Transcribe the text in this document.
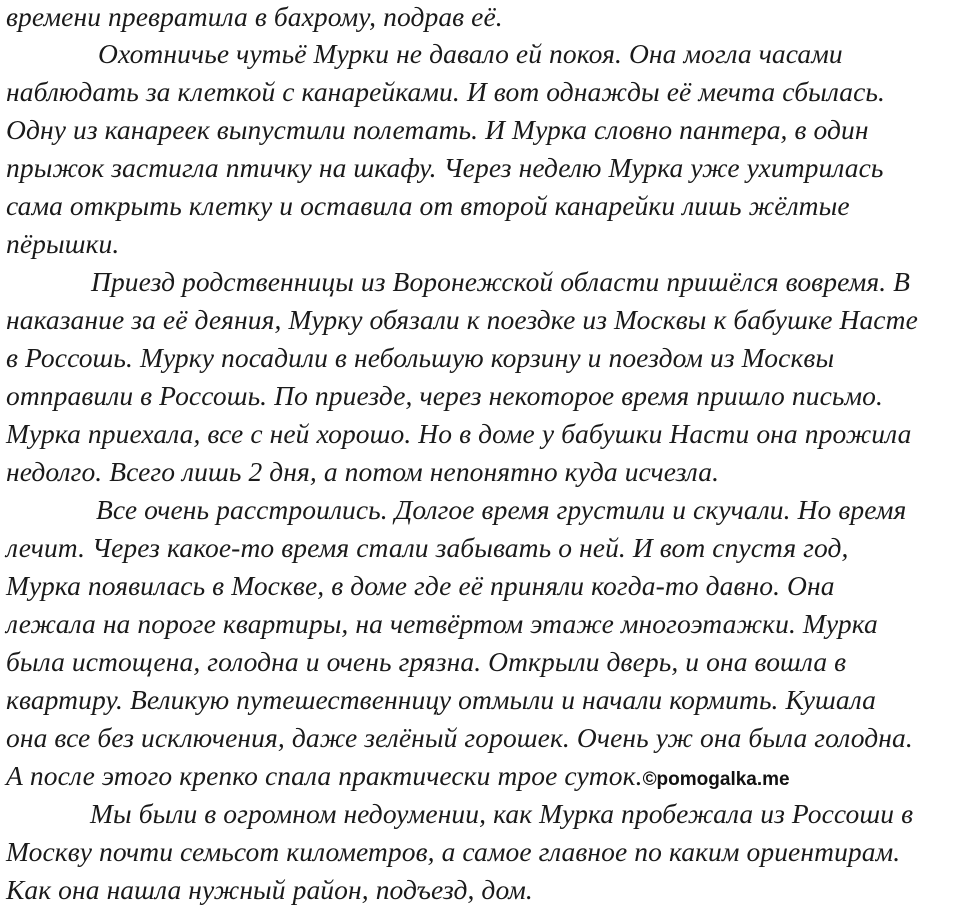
времени превратила в бахрому, подрав её.
Охотничье чутьё Мурки не давало ей покоя. Она могла часами
наблюдать за клеткой с канарейками. И вот однажды её мечта сбылась.
Одну из канареек выпустили полетать. И Мурка словно пантера, в один
прыжок застигла птичку на шкафу. Через неделю Мурка уже ухитрилась
сама открыть клетку и оставила от второй канарейки лишь жёлтые
пёрышки.
Приезд родственницы из Воронежской области пришёлся вовремя. В
наказание за её деяния, Мурку обязали к поездке из Москвы к бабушке Насте
в Россошь. Мурку посадили в небольшую корзину и поездом из Москвы
отправили в Россошь. По приезде, через некоторое время пришло письмо.
Мурка приехала, все с ней хорошо. Но в доме у бабушки Насти она прожила
недолго. Всего лишь 2 дня, а потом непонятно куда исчезла.
Все очень расстроились. Долгое время грустили и скучали. Но время
лечит. Через какое-то время стали забывать о ней. И вот спустя год,
Мурка появилась в Москве, в доме где её приняли когда-то давно. Она
лежала на пороге квартиры, на четвёртом этаже многоэтажки. Мурка
была истощена, голодна и очень грязна. Открыли дверь, и она вошла в
квартиру. Великую путешественницу отмыли и начали кормить. Кушала
она все без исключения, даже зелёный горошек. Очень уж она была голодна.
А после этого крепко спала практически трое суток.©pomogalka.me
Мы были в огромном недоумении, как Мурка пробежала из Россоши в
Москву почти семьсот километров, а самое главное по каким ориентирам.
Как она нашла нужный район, подъезд, дом.
